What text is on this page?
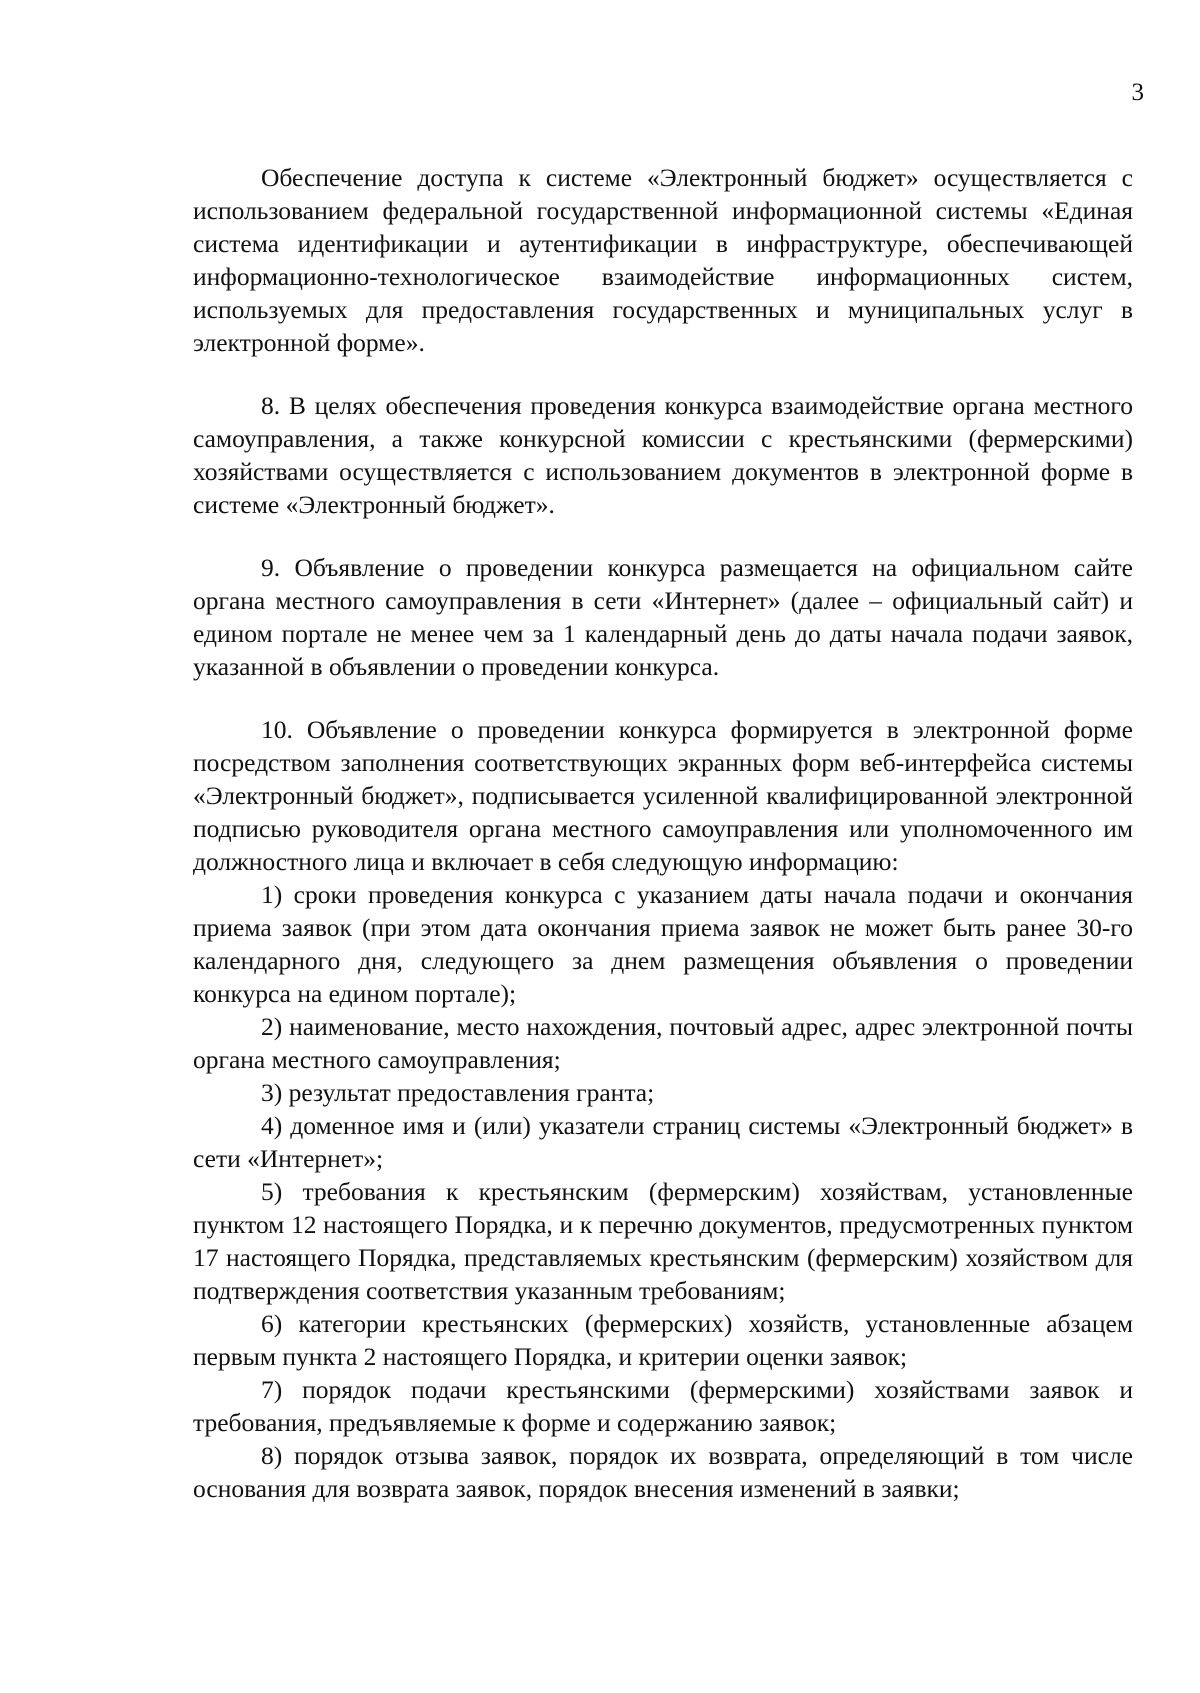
3

Обеспечение доступа к системе «Электронный бюджет» осуществляется с использованием федеральной государственной информационной системы «Единая система идентификации и аутентификации в инфраструктуре, обеспечивающей информационно-технологическое взаимодействие информационных систем, используемых для предоставления государственных и муниципальных услуг в электронной форме».

8. В целях обеспечения проведения конкурса взаимодействие органа местного самоуправления, а также конкурсной комиссии с крестьянскими (фермерскими) хозяйствами осуществляется с использованием документов в электронной форме в системе «Электронный бюджет».

9. Объявление о проведении конкурса размещается на официальном сайте органа местного самоуправления в сети «Интернет» (далее – официальный сайт) и едином портале не менее чем за 1 календарный день до даты начала подачи заявок, указанной в объявлении о проведении конкурса.

10. Объявление о проведении конкурса формируется в электронной форме посредством заполнения соответствующих экранных форм веб-интерфейса системы «Электронный бюджет», подписывается усиленной квалифицированной электронной подписью руководителя органа местного самоуправления или уполномоченного им должностного лица и включает в себя следующую информацию:

1) сроки проведения конкурса с указанием даты начала подачи и окончания приема заявок (при этом дата окончания приема заявок не может быть ранее 30-го календарного дня, следующего за днем размещения объявления о проведении конкурса на едином портале);
2) наименование, место нахождения, почтовый адрес, адрес электронной почты органа местного самоуправления;
3) результат предоставления гранта;
4) доменное имя и (или) указатели страниц системы «Электронный бюджет» в сети «Интернет»;
5) требования к крестьянским (фермерским) хозяйствам, установленные пунктом 12 настоящего Порядка, и к перечню документов, предусмотренных пунктом 17 настоящего Порядка, представляемых крестьянским (фермерским) хозяйством для подтверждения соответствия указанным требованиям;
6) категории крестьянских (фермерских) хозяйств, установленные абзацем первым пункта 2 настоящего Порядка, и критерии оценки заявок;
7) порядок подачи крестьянскими (фермерскими) хозяйствами заявок и требования, предъявляемые к форме и содержанию заявок;
8) порядок отзыва заявок, порядок их возврата, определяющий в том числе основания для возврата заявок, порядок внесения изменений в заявки;
